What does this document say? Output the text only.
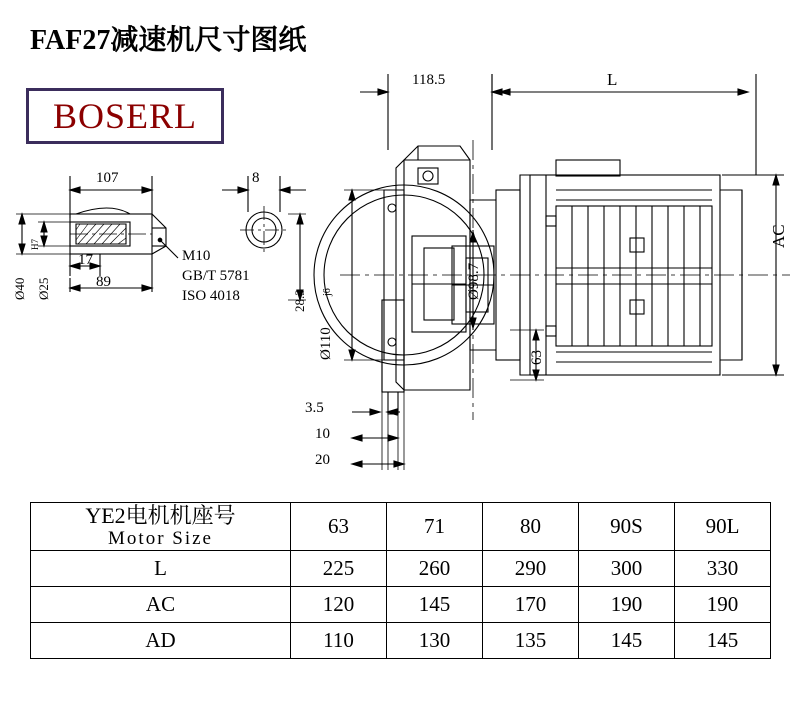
FAF27减速机尺寸图纸
BOSERL
118.5	L
AC
107	8
17
89
Ø40 Ø25
H7
28.3
M10
GB/T 5781
ISO 4018	Ø98.7
Ø110
j6
63
3.5
10
20
YE2电机机座号
Motor Size	63	71	80	90S	90L

L	225	260	290	300	330
AC	120	145	170	190	190
AD	110	130	135	145	145
